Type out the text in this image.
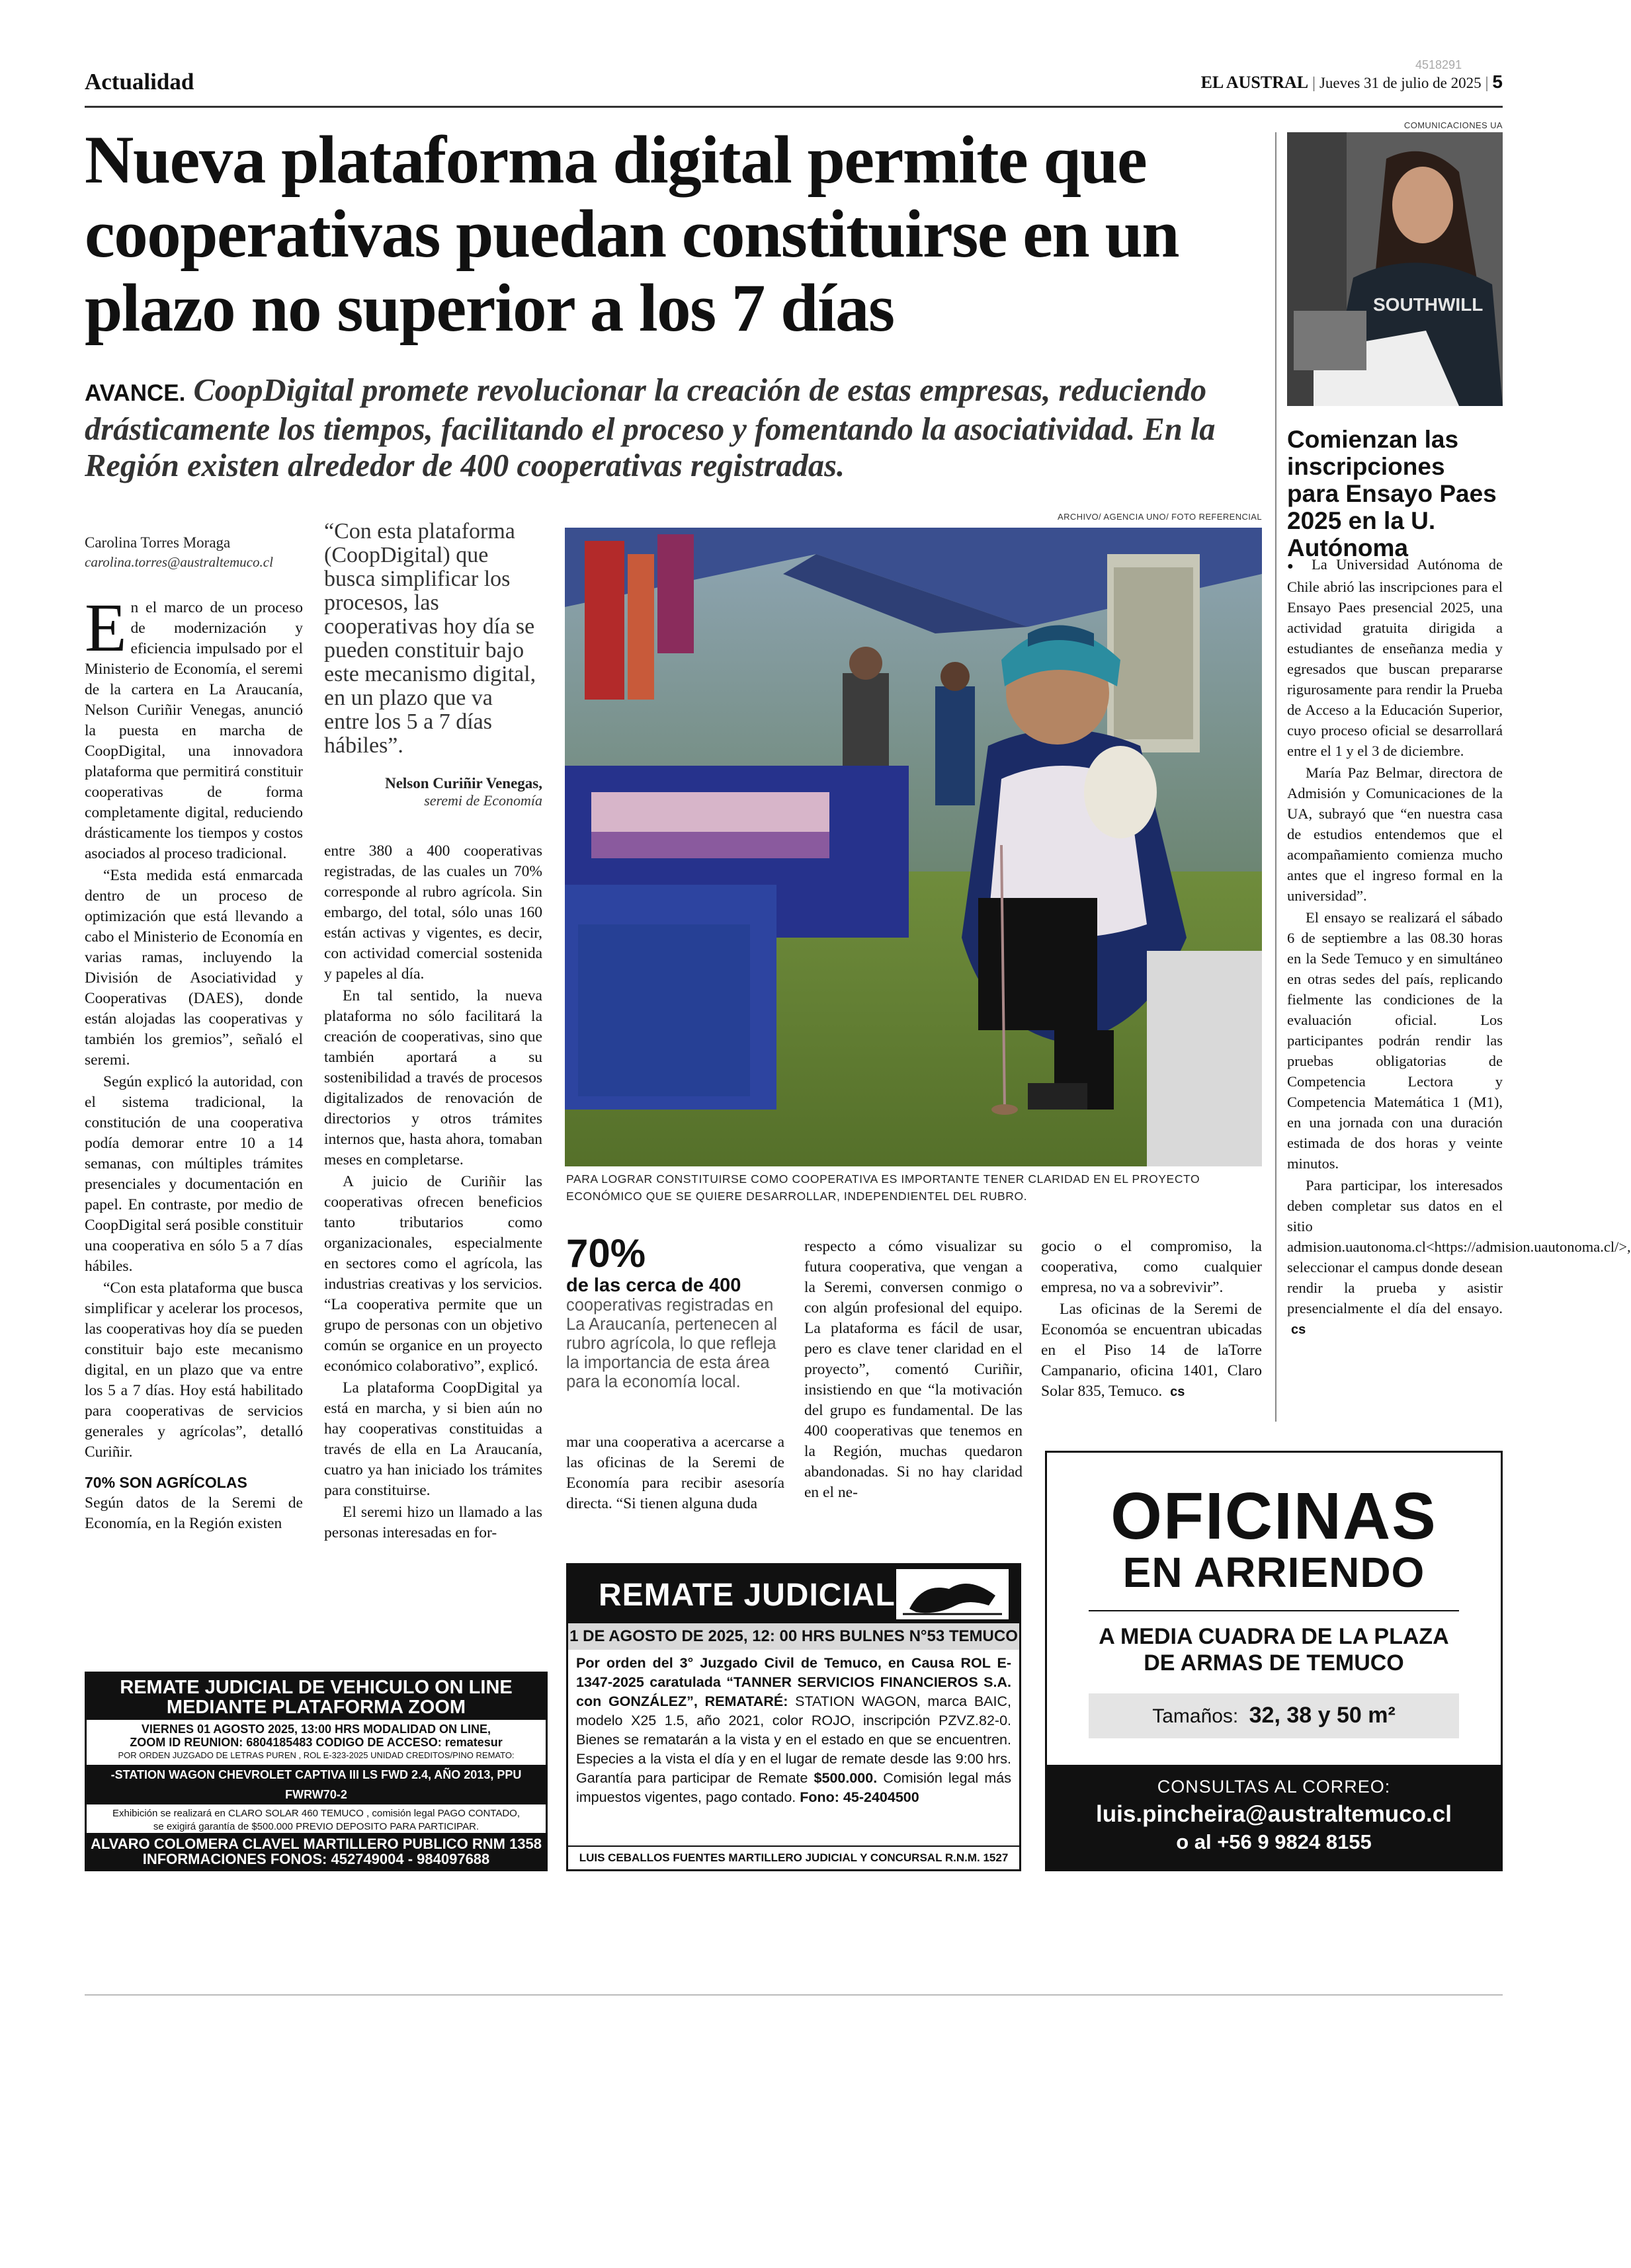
Actualidad	EL AUSTRAL | Jueves 31 de julio de 2025 | 5
4518291
Nueva plataforma digital permite que cooperativas puedan constituirse en un plazo no superior a los 7 días
AVANCE. CoopDigital promete revolucionar la creación de estas empresas, reduciendo drásticamente los tiempos, facilitando el proceso y fomentando la asociatividad. En la Región existen alrededor de 400 cooperativas registradas.
Carolina Torres Moraga
carolina.torres@australtemuco.cl

E n el marco de un proceso de modernización y eficiencia impulsado por el Ministerio de Economía, el seremi de la cartera en La Araucanía, Nelson Curiñir Venegas, anunció la puesta en marcha de CoopDigital, una innovadora plataforma que permitirá constituir cooperativas de forma completamente digital, reduciendo drásticamente los tiempos y costos asociados al proceso tradicional.

“Esta medida está enmarcada dentro de un proceso de optimización que está llevando a cabo el Ministerio de Economía en varias ramas, incluyendo la División de Asociatividad y Cooperativas (DAES), donde están alojadas las cooperativas y también los gremios”, señaló el seremi.

Según explicó la autoridad, con el sistema tradicional, la constitución de una cooperativa podía demorar entre 10 a 14 semanas, con múltiples trámites presenciales y documentación en papel. En contraste, por medio de CoopDigital será posible constituir una cooperativa en sólo 5 a 7 días hábiles.

“Con esta plataforma que busca simplificar y acelerar los procesos, las cooperativas hoy día se pueden constituir bajo este mecanismo digital, en un plazo que va entre los 5 a 7 días. Hoy está habilitado para cooperativas de servicios generales y agrícolas”, detalló Curiñir.

70% SON AGRÍCOLAS

Según datos de la Seremi de Economía, en la Región existen

“Con esta plataforma (CoopDigital) que busca simplificar los procesos, las cooperativas hoy día se pueden constituir bajo este mecanismo digital, en un plazo que va entre los 5 a 7 días hábiles”.
Nelson Curiñir Venegas,
seremi de Economía

entre 380 a 400 cooperativas registradas, de las cuales un 70% corresponde al rubro agrícola. Sin embargo, del total, sólo unas 160 están activas y vigentes, es decir, con actividad comercial sostenida y papeles al día.

En tal sentido, la nueva plataforma no sólo facilitará la creación de cooperativas, sino que también aportará a su sostenibilidad a través de procesos digitalizados de renovación de directorios y otros trámites internos que, hasta ahora, tomaban meses en completarse.

A juicio de Curiñir las cooperativas ofrecen beneficios tanto tributarios como organizacionales, especialmente en sectores como el agrícola, las industrias creativas y los servicios. “La cooperativa permite que un grupo de personas con un objetivo común se organice en un proyecto económico colaborativo”, explicó.

La plataforma CoopDigital ya está en marcha, y si bien aún no hay cooperativas constituidas a través de ella en La Araucanía, cuatro ya han iniciado los trámites para constituirse.

El seremi hizo un llamado a las personas interesadas en for-

ARCHIVO/ AGENCIA UNO/ FOTO REFERENCIAL
PARA LOGRAR CONSTITUIRSE COMO COOPERATIVA ES IMPORTANTE TENER CLARIDAD EN EL PROYECTO ECONÓMICO QUE SE QUIERE DESARROLLAR, INDEPENDIENTEL DEL RUBRO.
70%
de las cerca de 400 cooperativas registradas en La Araucanía, pertenecen al rubro agrícola, lo que refleja la importancia de esta área para la economía local.

mar una cooperativa a acercarse a las oficinas de la Seremi de Economía para recibir asesoría directa. “Si tienen alguna duda

respecto a cómo visualizar su futura cooperativa, que vengan a la Seremi, conversen conmigo o con algún profesional del equipo. La plataforma es fácil de usar, pero es clave tener claridad en el proyecto”, comentó Curiñir, insistiendo en que “la motivación del grupo es fundamental. De las 400 cooperativas que tenemos en la Región, muchas quedaron abandonadas. Si no hay claridad en el ne-

gocio o el compromiso, la cooperativa, como cualquier empresa, no va a sobrevivir”.

Las oficinas de la Seremi de Economóa se encuentran ubicadas en el Piso 14 de laTorre Campanario, oficina 1401, Claro Solar 835, Temuco. cs

COMUNICACIONES UA
SOUTHWILL
Comienzan las inscripciones para Ensayo Paes 2025 en la U. Autónoma

● La Universidad Autónoma de Chile abrió las inscripciones para el Ensayo Paes presencial 2025, una actividad gratuita dirigida a estudiantes de enseñanza media y egresados que buscan prepararse rigurosamente para rendir la Prueba de Acceso a la Educación Superior, cuyo proceso oficial se desarrollará entre el 1 y el 3 de diciembre.

María Paz Belmar, directora de Admisión y Comunicaciones de la UA, subrayó que “en nuestra casa de estudios entendemos que el acompañamiento comienza mucho antes que el ingreso formal en la universidad”.

El ensayo se realizará el sábado 6 de septiembre a las 08.30 horas en la Sede Temuco y en simultáneo en otras sedes del país, replicando fielmente las condiciones de la evaluación oficial. Los participantes podrán rendir las pruebas obligatorias de Competencia Lectora y Competencia Matemática 1 (M1), en una jornada con una duración estimada de dos horas y veinte minutos.

Para participar, los interesados deben completar sus datos en el sitio admision.uautonoma.cl<https://admision.uautonoma.cl/>, seleccionar el campus donde desean rendir la prueba y asistir presencialmente el día del ensayo. cs

REMATE JUDICIAL DE VEHICULO ON LINE
MEDIANTE PLATAFORMA ZOOM
VIERNES 01 AGOSTO 2025, 13:00 HRS MODALIDAD ON LINE,
ZOOM ID REUNION: 6804185483 CODIGO DE ACCESO: rematesur
POR ORDEN JUZGADO DE LETRAS PUREN , ROL E-323-2025 UNIDAD CREDITOS/PINO REMATO:
-STATION WAGON CHEVROLET CAPTIVA III LS FWD 2.4, AÑO 2013, PPU FWRW70-2
Exhibición se realizará en CLARO SOLAR 460 TEMUCO , comisión legal PAGO CONTADO,
se exigirá garantía de $500.000 PREVIO DEPOSITO PARA PARTICIPAR.
ALVARO COLOMERA CLAVEL MARTILLERO PUBLICO RNM 1358
INFORMACIONES FONOS: 452749004 - 984097688
REMATE JUDICIAL
1 DE AGOSTO DE 2025, 12: 00 HRS BULNES N°53 TEMUCO
Por orden del 3° Juzgado Civil de Temuco, en Causa ROL E-1347-2025 caratulada “TANNER SERVICIOS FINANCIEROS S.A. con GONZÁLEZ”, REMATARÉ: STATION WAGON, marca BAIC, modelo X25 1.5, año 2021, color ROJO, inscripción PZVZ.82-0. Bienes se rematarán a la vista y en el estado en que se encuentren. Especies a la vista el día y en el lugar de remate desde las 9:00 hrs. Garantía para participar de Remate $500.000. Comisión legal más impuestos vigentes, pago contado. Fono: 45-2404500
LUIS CEBALLOS FUENTES MARTILLERO JUDICIAL Y CONCURSAL R.N.M. 1527
OFICINAS
EN ARRIENDO
A MEDIA CUADRA DE LA PLAZA
DE ARMAS DE TEMUCO
Tamaños: 32, 38 y 50 m²
CONSULTAS AL CORREO:
luis.pincheira@australtemuco.cl
o al +56 9 9824 8155
